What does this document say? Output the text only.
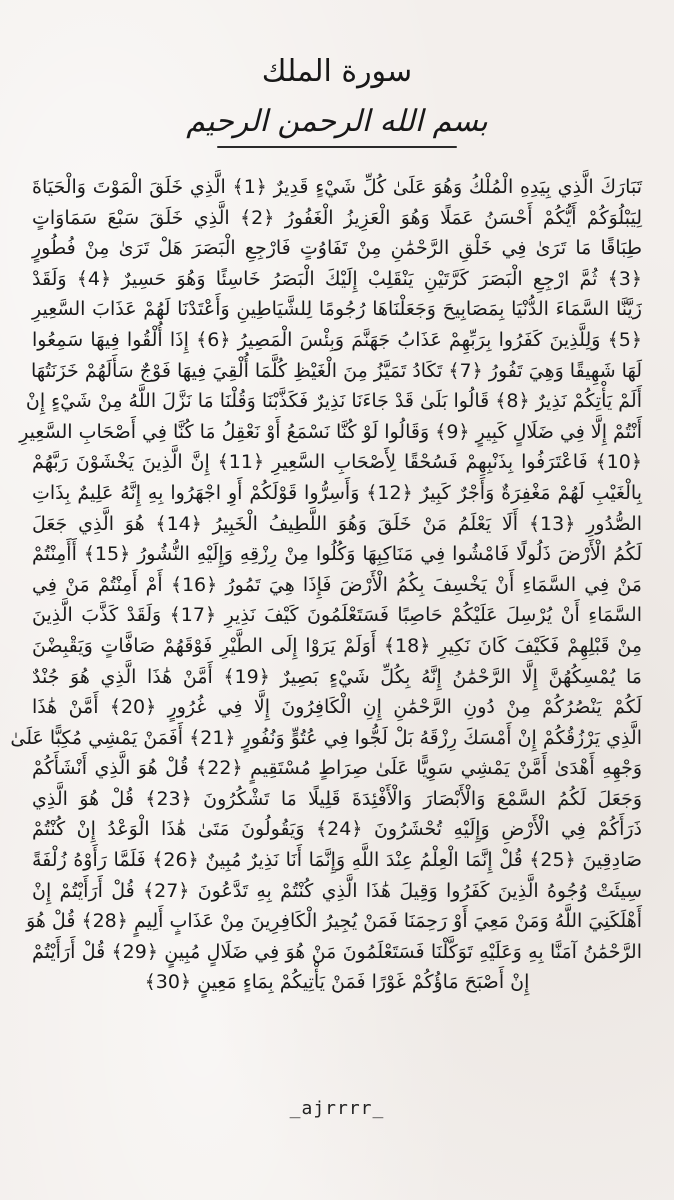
سورة الملك
بسم الله الرحمن الرحيم
تَبَارَكَ الَّذِي بِيَدِهِ الْمُلْكُ وَهُوَ عَلَىٰ كُلِّ شَيْءٍ قَدِيرٌ ﴿1﴾ الَّذِي خَلَقَ الْمَوْتَ وَالْحَيَاةَ
لِيَبْلُوَكُمْ أَيُّكُمْ أَحْسَنُ عَمَلًا وَهُوَ الْعَزِيزُ الْغَفُورُ ﴿2﴾ الَّذِي خَلَقَ سَبْعَ سَمَاوَاتٍ
طِبَاقًا مَا تَرَىٰ فِي خَلْقِ الرَّحْمَٰنِ مِنْ تَفَاوُتٍ فَارْجِعِ الْبَصَرَ هَلْ تَرَىٰ مِنْ فُطُورٍ
﴿3﴾ ثُمَّ ارْجِعِ الْبَصَرَ كَرَّتَيْنِ يَنْقَلِبْ إِلَيْكَ الْبَصَرُ خَاسِئًا وَهُوَ حَسِيرٌ ﴿4﴾ وَلَقَدْ
زَيَّنَّا السَّمَاءَ الدُّنْيَا بِمَصَابِيحَ وَجَعَلْنَاهَا رُجُومًا لِلشَّيَاطِينِ وَأَعْتَدْنَا لَهُمْ عَذَابَ السَّعِيرِ
﴿5﴾ وَلِلَّذِينَ كَفَرُوا بِرَبِّهِمْ عَذَابُ جَهَنَّمَ وَبِئْسَ الْمَصِيرُ ﴿6﴾ إِذَا أُلْقُوا فِيهَا سَمِعُوا
لَهَا شَهِيقًا وَهِيَ تَفُورُ ﴿7﴾ تَكَادُ تَمَيَّزُ مِنَ الْغَيْظِ كُلَّمَا أُلْقِيَ فِيهَا فَوْجٌ سَأَلَهُمْ خَزَنَتُهَا
أَلَمْ يَأْتِكُمْ نَذِيرٌ ﴿8﴾ قَالُوا بَلَىٰ قَدْ جَاءَنَا نَذِيرٌ فَكَذَّبْنَا وَقُلْنَا مَا نَزَّلَ اللَّهُ مِنْ شَيْءٍ إِنْ
أَنْتُمْ إِلَّا فِي ضَلَالٍ كَبِيرٍ ﴿9﴾ وَقَالُوا لَوْ كُنَّا نَسْمَعُ أَوْ نَعْقِلُ مَا كُنَّا فِي أَصْحَابِ السَّعِيرِ
﴿10﴾ فَاعْتَرَفُوا بِذَنْبِهِمْ فَسُحْقًا لِأَصْحَابِ السَّعِيرِ ﴿11﴾ إِنَّ الَّذِينَ يَخْشَوْنَ رَبَّهُمْ
بِالْغَيْبِ لَهُمْ مَغْفِرَةٌ وَأَجْرٌ كَبِيرٌ ﴿12﴾ وَأَسِرُّوا قَوْلَكُمْ أَوِ اجْهَرُوا بِهِ إِنَّهُ عَلِيمٌ بِذَاتِ
الصُّدُورِ ﴿13﴾ أَلَا يَعْلَمُ مَنْ خَلَقَ وَهُوَ اللَّطِيفُ الْخَبِيرُ ﴿14﴾ هُوَ الَّذِي جَعَلَ
لَكُمُ الْأَرْضَ ذَلُولًا فَامْشُوا فِي مَنَاكِبِهَا وَكُلُوا مِنْ رِزْقِهِ وَإِلَيْهِ النُّشُورُ ﴿15﴾ أَأَمِنْتُمْ
مَنْ فِي السَّمَاءِ أَنْ يَخْسِفَ بِكُمُ الْأَرْضَ فَإِذَا هِيَ تَمُورُ ﴿16﴾ أَمْ أَمِنْتُمْ مَنْ فِي
السَّمَاءِ أَنْ يُرْسِلَ عَلَيْكُمْ حَاصِبًا فَسَتَعْلَمُونَ كَيْفَ نَذِيرِ ﴿17﴾ وَلَقَدْ كَذَّبَ الَّذِينَ
مِنْ قَبْلِهِمْ فَكَيْفَ كَانَ نَكِيرِ ﴿18﴾ أَوَلَمْ يَرَوْا إِلَى الطَّيْرِ فَوْقَهُمْ صَافَّاتٍ وَيَقْبِضْنَ
مَا يُمْسِكُهُنَّ إِلَّا الرَّحْمَٰنُ إِنَّهُ بِكُلِّ شَيْءٍ بَصِيرٌ ﴿19﴾ أَمَّنْ هَٰذَا الَّذِي هُوَ جُنْدٌ
لَكُمْ يَنْصُرُكُمْ مِنْ دُونِ الرَّحْمَٰنِ إِنِ الْكَافِرُونَ إِلَّا فِي غُرُورٍ ﴿20﴾ أَمَّنْ هَٰذَا
الَّذِي يَرْزُقُكُمْ إِنْ أَمْسَكَ رِزْقَهُ بَلْ لَجُّوا فِي عُتُوٍّ وَنُفُورٍ ﴿21﴾ أَفَمَنْ يَمْشِي مُكِبًّا عَلَىٰ
وَجْهِهِ أَهْدَىٰ أَمَّنْ يَمْشِي سَوِيًّا عَلَىٰ صِرَاطٍ مُسْتَقِيمٍ ﴿22﴾ قُلْ هُوَ الَّذِي أَنْشَأَكُمْ
وَجَعَلَ لَكُمُ السَّمْعَ وَالْأَبْصَارَ وَالْأَفْئِدَةَ قَلِيلًا مَا تَشْكُرُونَ ﴿23﴾ قُلْ هُوَ الَّذِي
ذَرَأَكُمْ فِي الْأَرْضِ وَإِلَيْهِ تُحْشَرُونَ ﴿24﴾ وَيَقُولُونَ مَتَىٰ هَٰذَا الْوَعْدُ إِنْ كُنْتُمْ
صَادِقِينَ ﴿25﴾ قُلْ إِنَّمَا الْعِلْمُ عِنْدَ اللَّهِ وَإِنَّمَا أَنَا نَذِيرٌ مُبِينٌ ﴿26﴾ فَلَمَّا رَأَوْهُ زُلْفَةً
سِيئَتْ وُجُوهُ الَّذِينَ كَفَرُوا وَقِيلَ هَٰذَا الَّذِي كُنْتُمْ بِهِ تَدَّعُونَ ﴿27﴾ قُلْ أَرَأَيْتُمْ إِنْ
أَهْلَكَنِيَ اللَّهُ وَمَنْ مَعِيَ أَوْ رَحِمَنَا فَمَنْ يُجِيرُ الْكَافِرِينَ مِنْ عَذَابٍ أَلِيمٍ ﴿28﴾ قُلْ هُوَ
الرَّحْمَٰنُ آمَنَّا بِهِ وَعَلَيْهِ تَوَكَّلْنَا فَسَتَعْلَمُونَ مَنْ هُوَ فِي ضَلَالٍ مُبِينٍ ﴿29﴾ قُلْ أَرَأَيْتُمْ
إِنْ أَصْبَحَ مَاؤُكُمْ غَوْرًا فَمَنْ يَأْتِيكُمْ بِمَاءٍ مَعِينٍ ﴿30﴾
_ajrrrr_
